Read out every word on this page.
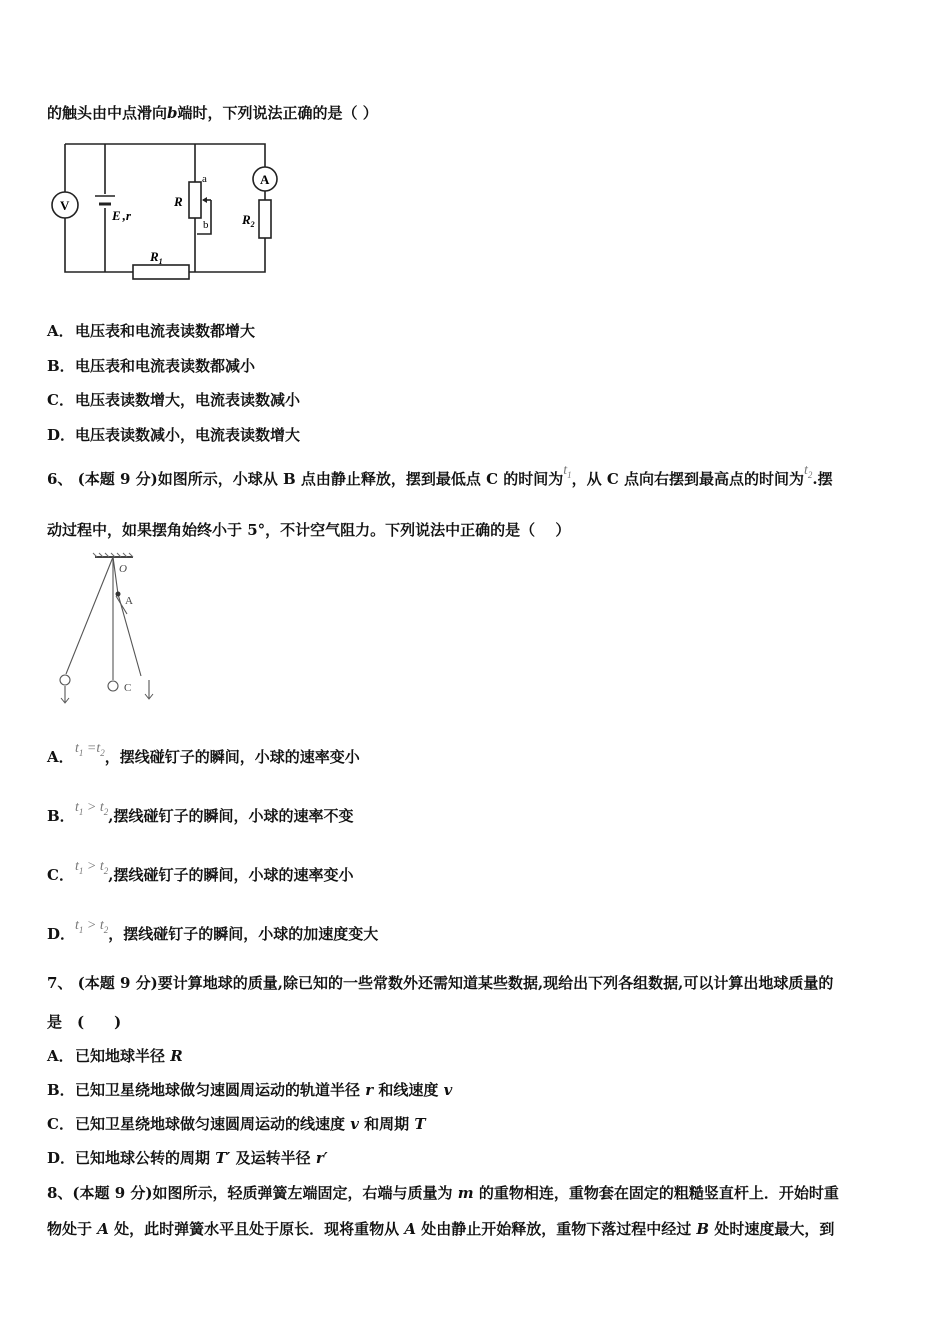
的触头由中点滑向b端时，下列说法正确的是（ ）
V
A
E ,r
R
a
b
$R_1$
$R_2$
A．电压表和电流表读数都增大
B．电压表和电流表读数都减小
C．电压表读数增大，电流表读数减小
D．电压表读数减小，电流表读数增大
6、 (本题 9 分)如图所示，小球从 B 点由静止释放，摆到最低点 C 的时间为$t_1$，从 C 点向右摆到最高点的时间为$t_2$.摆
动过程中，如果摆角始终小于 5°，不计空气阻力。下列说法中正确的是（　 ）
O
A
C
A．$t_1 =t_2$，摆线碰钉子的瞬间，小球的速率变小
B．$t_1 > t_2$,摆线碰钉子的瞬间，小球的速率不变
C．$t_1 > t_2$,摆线碰钉子的瞬间，小球的速率变小
D．$t_1 > t_2$，摆线碰钉子的瞬间，小球的加速度变大
7、 (本题 9 分)要计算地球的质量,除已知的一些常数外还需知道某些数据,现给出下列各组数据,可以计算出地球质量的
是　(　　)
A．已知地球半径 R
B．已知卫星绕地球做匀速圆周运动的轨道半径 r 和线速度 v
C．已知卫星绕地球做匀速圆周运动的线速度 v 和周期 T
D．已知地球公转的周期 T′ 及运转半径 r′
8、(本题 9 分)如图所示，轻质弹簧左端固定，右端与质量为 m 的重物相连，重物套在固定的粗糙竖直杆上．开始时重
物处于 A 处，此时弹簧水平且处于原长．现将重物从 A 处由静止开始释放，重物下落过程中经过 B 处时速度最大，到
